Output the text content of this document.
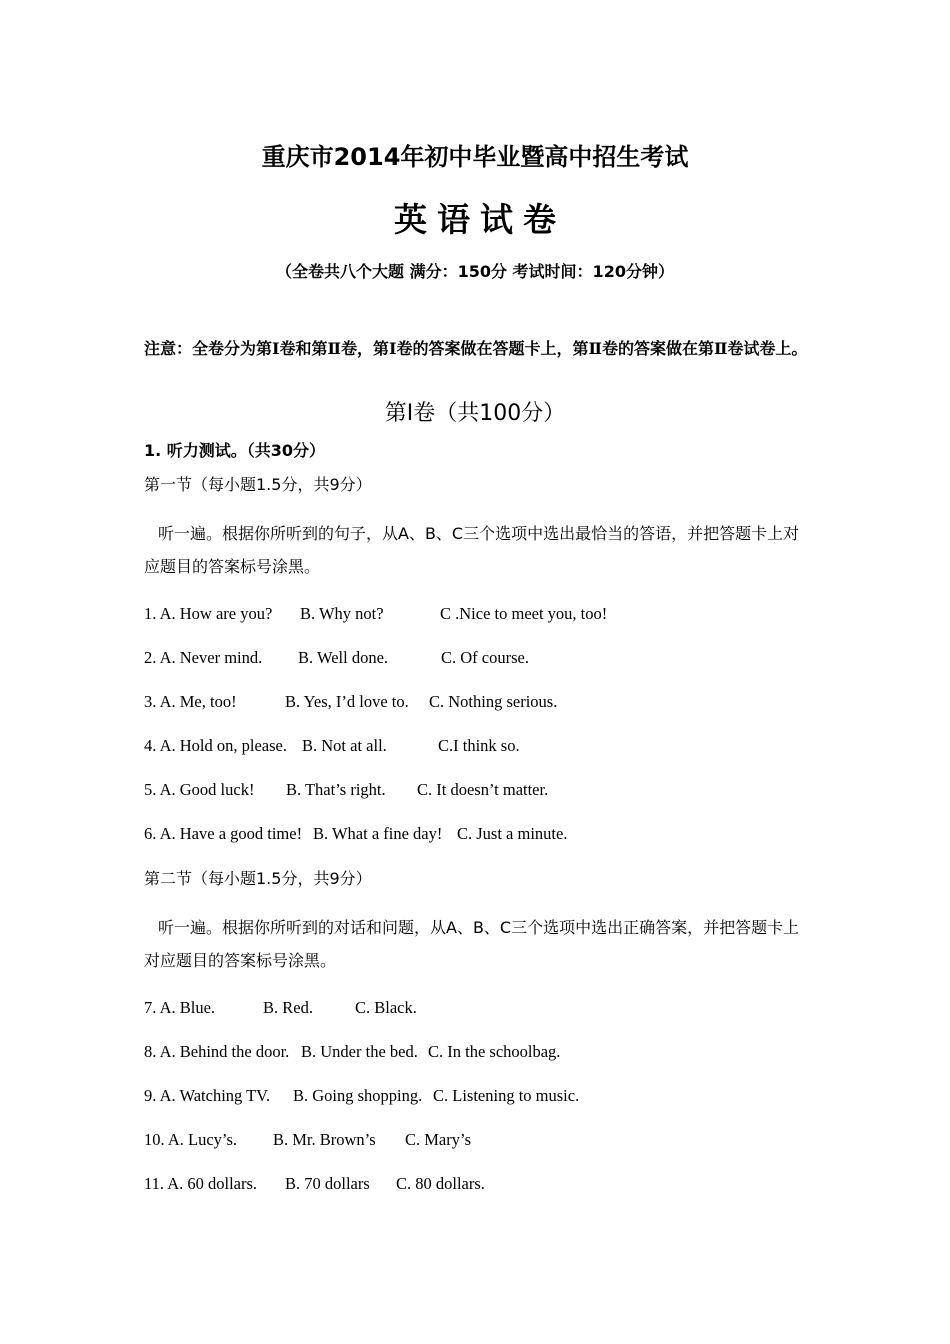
重庆市2014年初中毕业暨高中招生考试
英语试卷
（全卷共八个大题 满分：150分 考试时间：120分钟）
注意：全卷分为第Ⅰ卷和第Ⅱ卷，第Ⅰ卷的答案做在答题卡上，第Ⅱ卷的答案做在第Ⅱ卷试卷上。
第Ⅰ卷（共100分）
1. 听力测试。（共30分）
第一节（每小题1.5分，共9分）
听一遍。根据你所听到的句子，从A、B、C三个选项中选出最恰当的答语，并把答题卡上对应题目的答案标号涂黑。
1. A. How are you? B. Why not?	C .Nice to meet you, too!
2. A. Never mind. B. Well done.	C. Of course.
3. A. Me, too!	B. Yes, I’d love to. C. Nothing serious.
4. A. Hold on, please. B. Not at all.	C.I think so.
5. A. Good luck! B. That’s right. C. It doesn’t matter.
6. A. Have a good time! B. What a fine day! C. Just a minute.
第二节（每小题1.5分，共9分）
听一遍。根据你所听到的对话和问题，从A、B、C三个选项中选出正确答案，并把答题卡上对应题目的答案标号涂黑。
7. A. Blue.	B. Red.	C. Black.
8. A. Behind the door. B. Under the bed. C. In the schoolbag.
9. A. Watching TV. B. Going shopping. C. Listening to music.
10. A. Lucy’s. B. Mr. Brown’s C. Mary’s
11. A. 60 dollars. B. 70 dollars C. 80 dollars.
